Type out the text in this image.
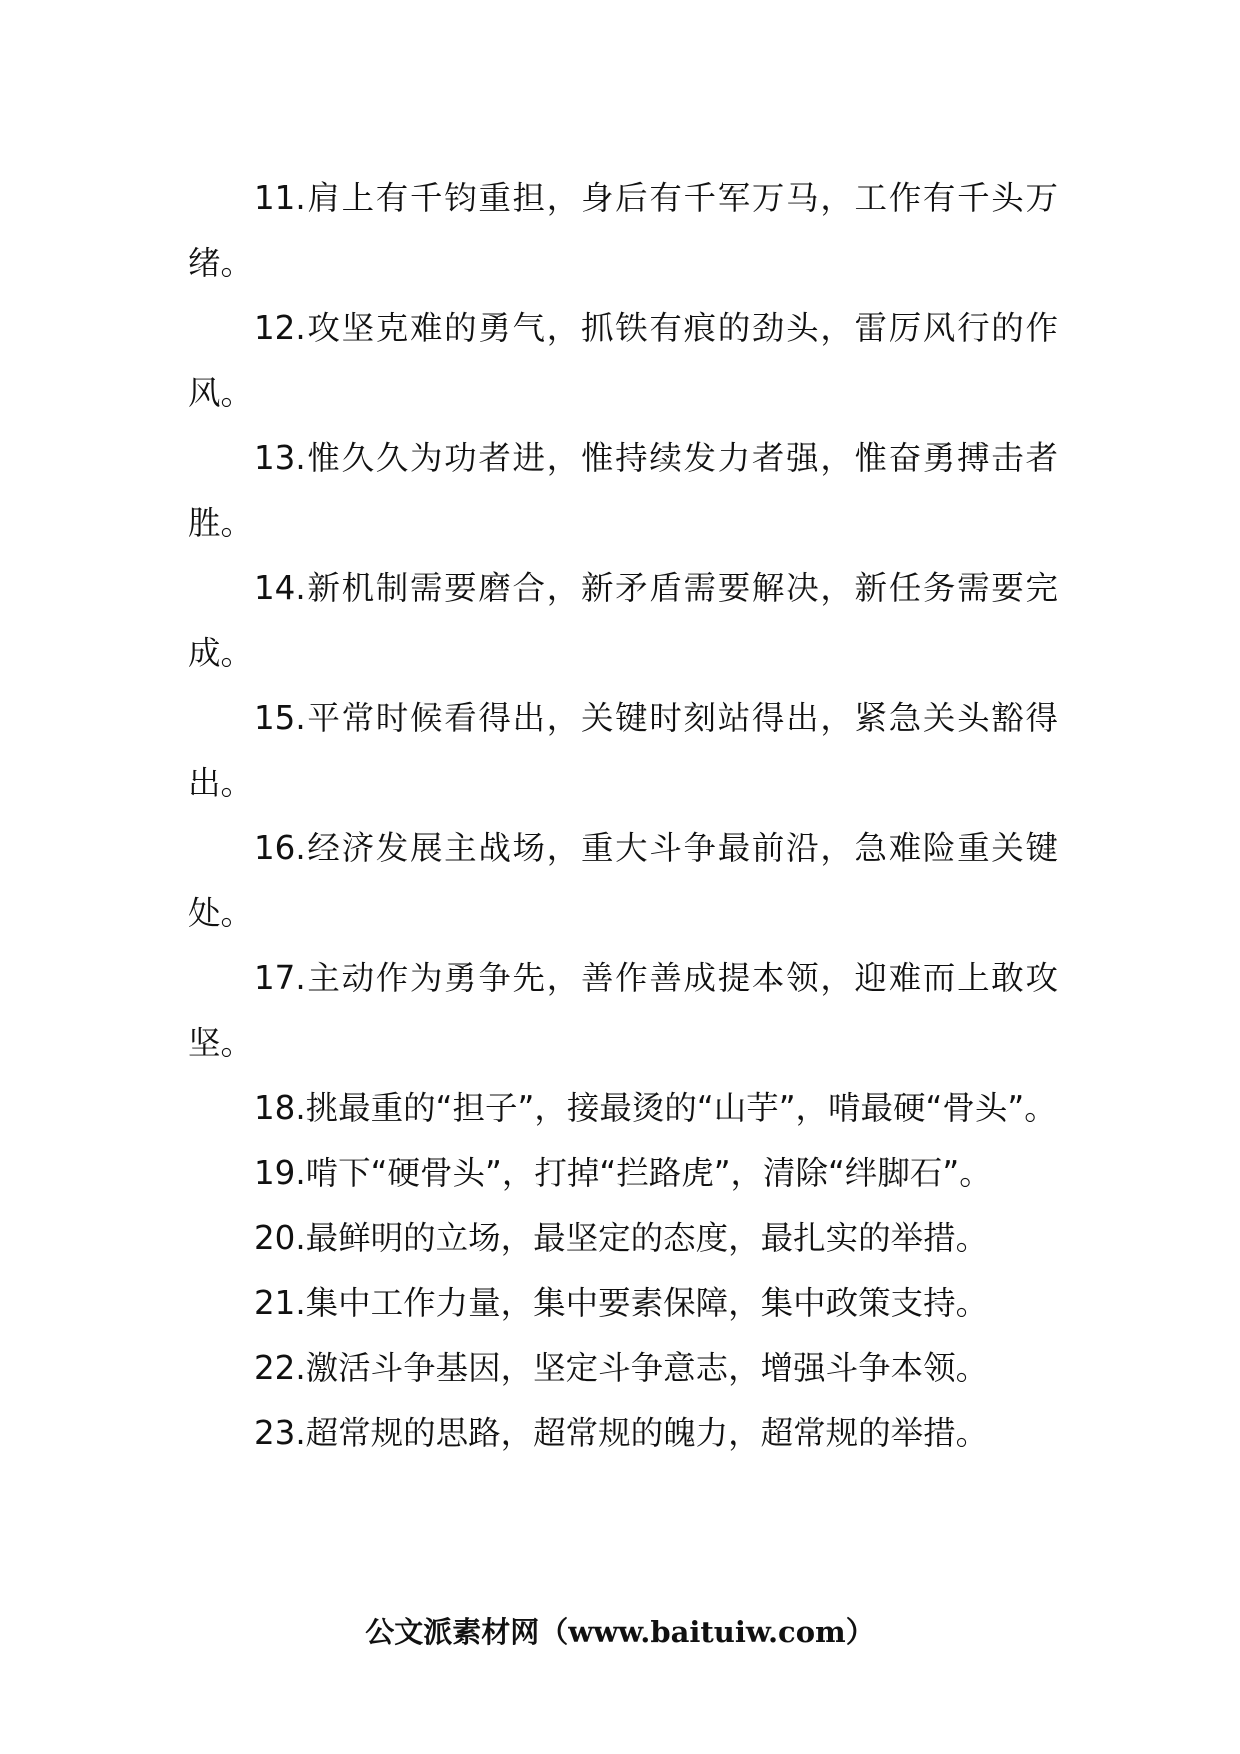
11.肩上有千钧重担，身后有千军万马，工作有千头万绪。

12.攻坚克难的勇气，抓铁有痕的劲头，雷厉风行的作风。

13.惟久久为功者进，惟持续发力者强，惟奋勇搏击者胜。

14.新机制需要磨合，新矛盾需要解决，新任务需要完成。

15.平常时候看得出，关键时刻站得出，紧急关头豁得出。

16.经济发展主战场，重大斗争最前沿，急难险重关键处。

17.主动作为勇争先，善作善成提本领，迎难而上敢攻坚。

18.挑最重的“担子”，接最烫的“山芋”，啃最硬“骨头”。

19.啃下“硬骨头”，打掉“拦路虎”，清除“绊脚石”。

20.最鲜明的立场，最坚定的态度，最扎实的举措。

21.集中工作力量，集中要素保障，集中政策支持。

22.激活斗争基因，坚定斗争意志，增强斗争本领。

23.超常规的思路，超常规的魄力，超常规的举措。

公文派素材网（www.baituiw.com）
